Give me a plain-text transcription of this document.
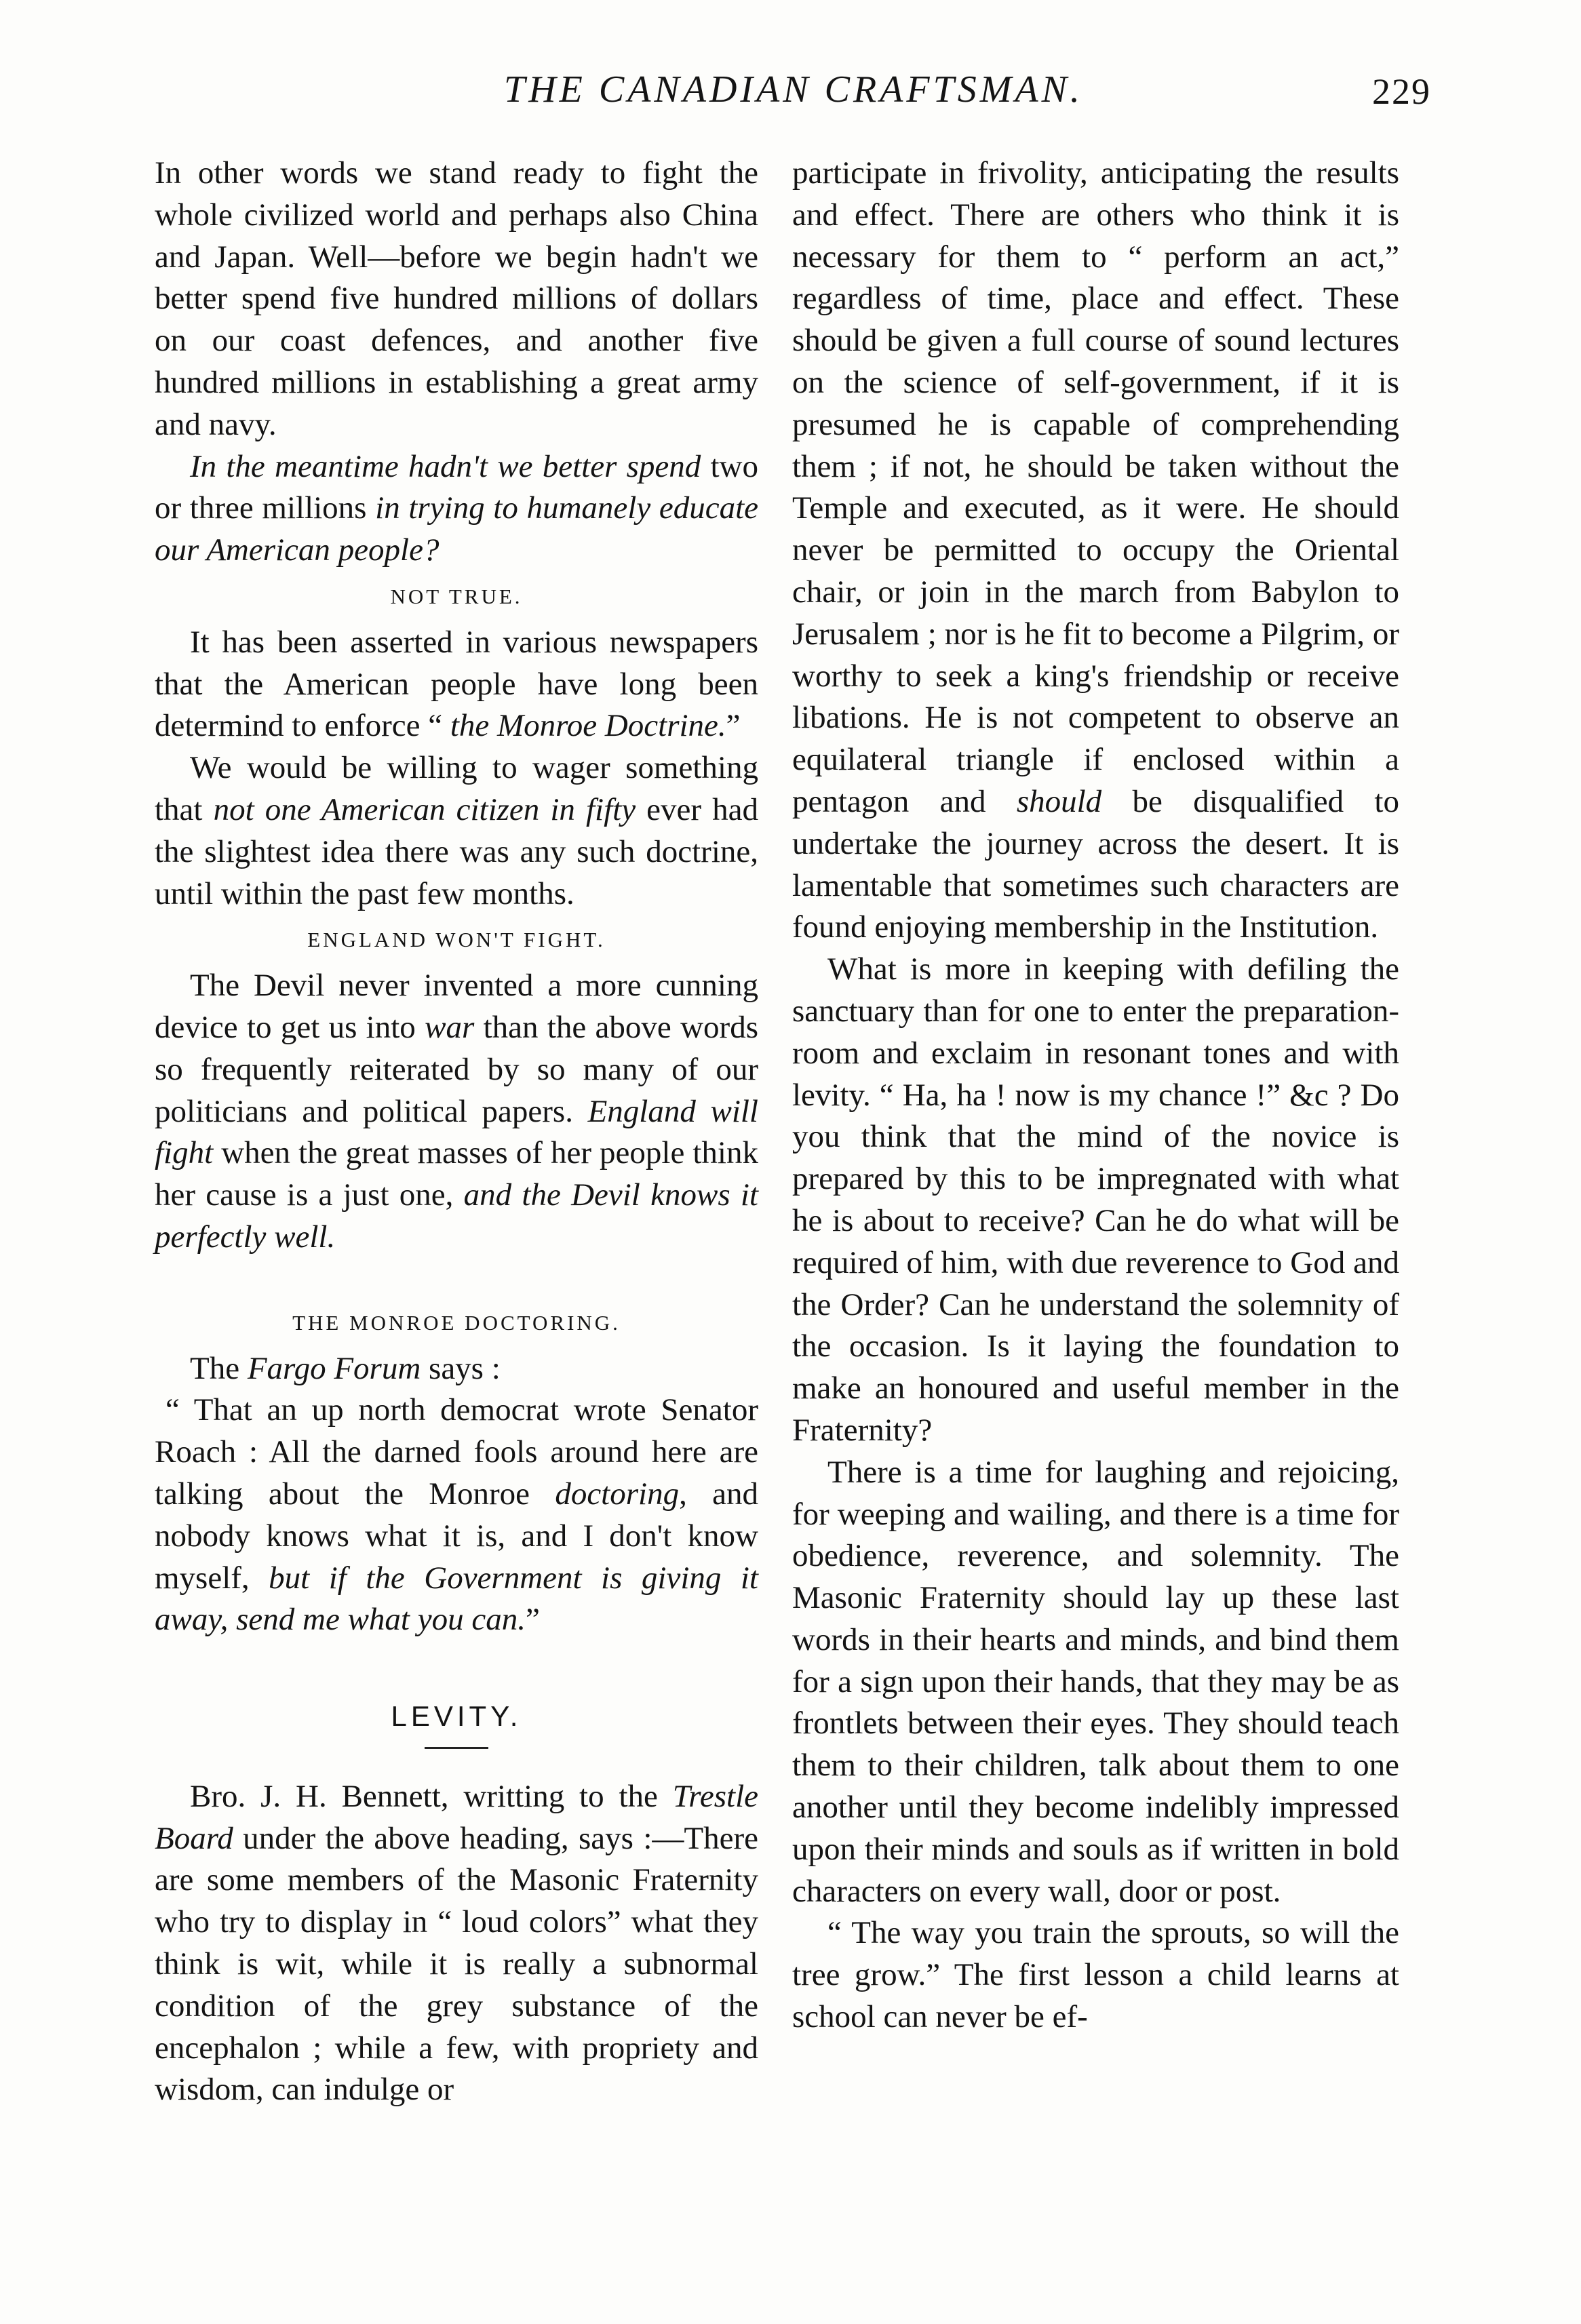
THE CANADIAN CRAFTSMAN.	229

In other words we stand ready to fight the whole civilized world and perhaps also China and Japan. Well—before we begin hadn't we better spend five hundred millions of dollars on our coast defences, and another five hundred millions in establishing a great army and navy.

In the meantime hadn't we better spend two or three millions in trying to humanely educate our American people?

NOT TRUE.

It has been asserted in various newspapers that the American people have long been determind to enforce “ the Monroe Doctrine.”

We would be willing to wager something that not one American citizen in fifty ever had the slightest idea there was any such doctrine, until within the past few months.

ENGLAND WON'T FIGHT.

The Devil never invented a more cunning device to get us into war than the above words so frequently reiterated by so many of our politicians and political papers. England will fight when the great masses of her people think her cause is a just one, and the Devil knows it perfectly well.

THE MONROE DOCTORING.

The Fargo Forum says :

“ That an up north democrat wrote Senator Roach : All the darned fools around here are talking about the Monroe doctoring, and nobody knows what it is, and I don't know myself, but if the Government is giving it away, send me what you can.”

LEVITY.

Bro. J. H. Bennett, writting to the Trestle Board under the above heading, says :—There are some members of the Masonic Fraternity who try to display in “ loud colors” what they think is wit, while it is really a subnormal condition of the grey substance of the encephalon ; while a few, with propriety and wisdom, can indulge or

participate in frivolity, anticipating the results and effect. There are others who think it is necessary for them to “ perform an act,” regardless of time, place and effect. These should be given a full course of sound lectures on the science of self-government, if it is presumed he is capable of comprehending them ; if not, he should be taken without the Temple and executed, as it were. He should never be permitted to occupy the Oriental chair, or join in the march from Babylon to Jerusalem ; nor is he fit to become a Pilgrim, or worthy to seek a king's friendship or receive libations. He is not competent to observe an equilateral triangle if enclosed within a pentagon and should be disqualified to undertake the journey across the desert. It is lamentable that sometimes such characters are found enjoying membership in the Institution.

What is more in keeping with defiling the sanctuary than for one to enter the preparation-room and exclaim in resonant tones and with levity. “ Ha, ha ! now is my chance !” &c ? Do you think that the mind of the novice is prepared by this to be impregnated with what he is about to receive? Can he do what will be required of him, with due reverence to God and the Order? Can he understand the solemnity of the occasion. Is it laying the foundation to make an honoured and useful member in the Fraternity?

There is a time for laughing and rejoicing, for weeping and wailing, and there is a time for obedience, reverence, and solemnity. The Masonic Fraternity should lay up these last words in their hearts and minds, and bind them for a sign upon their hands, that they may be as frontlets between their eyes. They should teach them to their children, talk about them to one another until they become indelibly impressed upon their minds and souls as if written in bold characters on every wall, door or post.

“ The way you train the sprouts, so will the tree grow.” The first lesson a child learns at school can never be ef-
